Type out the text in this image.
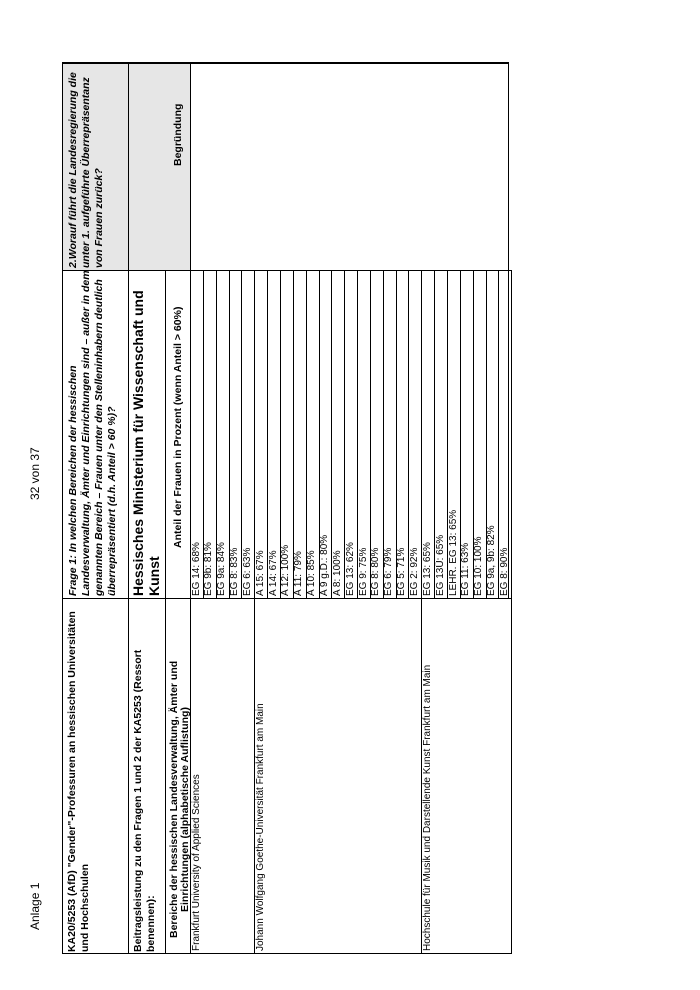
Anlage 1
32 von 37
KA20/5253 (AfD) "Gender"-Professuren an hessischen Universitäten und Hochschulen
Frage 1: In welchen Bereichen der hessischen Landesverwaltung, Ämter und Einrichtungen sind – außer in dem genannten Bereich – Frauen unter den Stelleninhabern deutlich überrepräsentiert (d.h. Anteil > 60 %)?
2.Worauf führt die Landesregierung die unter 1. aufgeführte Überrepräsentanz von Frauen zurück?
Beitragsleistung zu den Fragen 1 und 2 der KA5253 (Ressort benennen):
Hessisches Ministerium für Wissenschaft und Kunst
Bereiche der hessischen Landesverwaltung, Ämter und Einrichtungen (alphabetische Auflistung)
Anteil der Frauen in Prozent (wenn Anteil > 60%)
Begründung
Frankfurt University of Applied Sciences
EG 14: 68% EG 9b: 81% EG 9a: 84% EG 8: 83% EG 6: 63%
Johann Wolfgang Goethe-Universität Frankfurt am Main
A 15: 67% A 14: 67% A 12: 100% A 11: 79% A 10: 85% A 9 g.D.: 80% A 8: 100% EG 13: 62% EG 9: 75% EG 8: 80% EG 6: 79% EG 5: 71% EG 2: 92%
Hochschule für Musik und Darstellende Kunst Frankfurt am Main
EG 13: 65% EG 13Ü: 65% LEHR. EG 13: 65% EG 11: 63% EG 10: 100% EG 9a, 9b: 82% EG 8: 90%
